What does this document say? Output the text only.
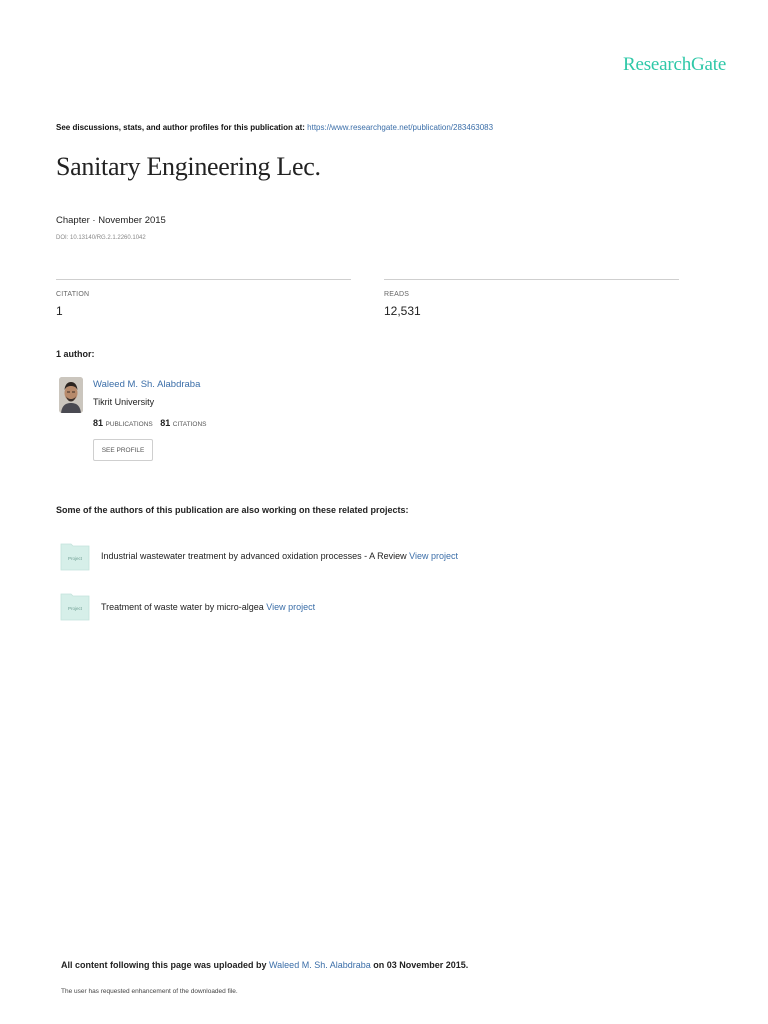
ResearchGate
See discussions, stats, and author profiles for this publication at: https://www.researchgate.net/publication/283463083
Sanitary Engineering Lec.
Chapter · November 2015
DOI: 10.13140/RG.2.1.2260.1042
CITATION
1
READS
12,531
1 author:
Waleed M. Sh. Alabdraba
Tikrit University
81 PUBLICATIONS 81 CITATIONS
SEE PROFILE
Some of the authors of this publication are also working on these related projects:
Project Industrial wastewater treatment by advanced oxidation processes - A Review View project
Project Treatment of waste water by micro-algea View project
All content following this page was uploaded by Waleed M. Sh. Alabdraba on 03 November 2015.
The user has requested enhancement of the downloaded file.
